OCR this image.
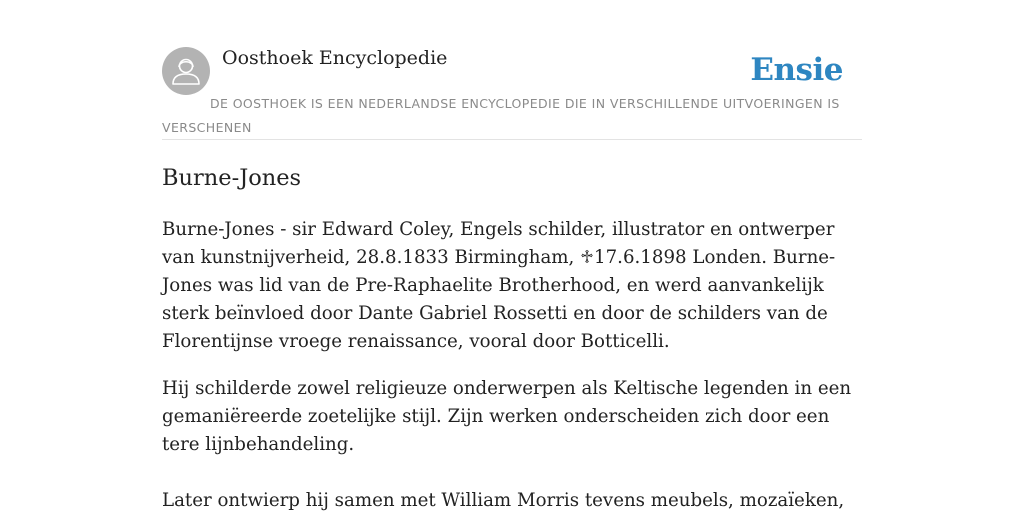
Oosthoek Encyclopedie	Ensie
DE OOSTHOEK IS EEN NEDERLANDSE ENCYCLOPEDIE DIE IN VERSCHILLENDE UITVOERINGEN IS VERSCHENEN
Burne-Jones

Burne-Jones - sir Edward Coley, Engels schilder, illustrator en ontwerper van kunstnijverheid, 28.8.1833 Birmingham, ♱17.6.1898 Londen. Burne-Jones was lid van de Pre-Raphaelite Brotherhood, en werd aanvankelijk sterk beïnvloed door Dante Gabriel Rossetti en door de schilders van de Florentijnse vroege renaissance, vooral door Botticelli.

Hij schilderde zowel religieuze onderwerpen als Keltische legenden in een gemaniëreerde zoetelijke stijl. Zijn werken onderscheiden zich door een tere lijnbehandeling.

Later ontwierp hij samen met William Morris tevens meubels, mozaïeken,
